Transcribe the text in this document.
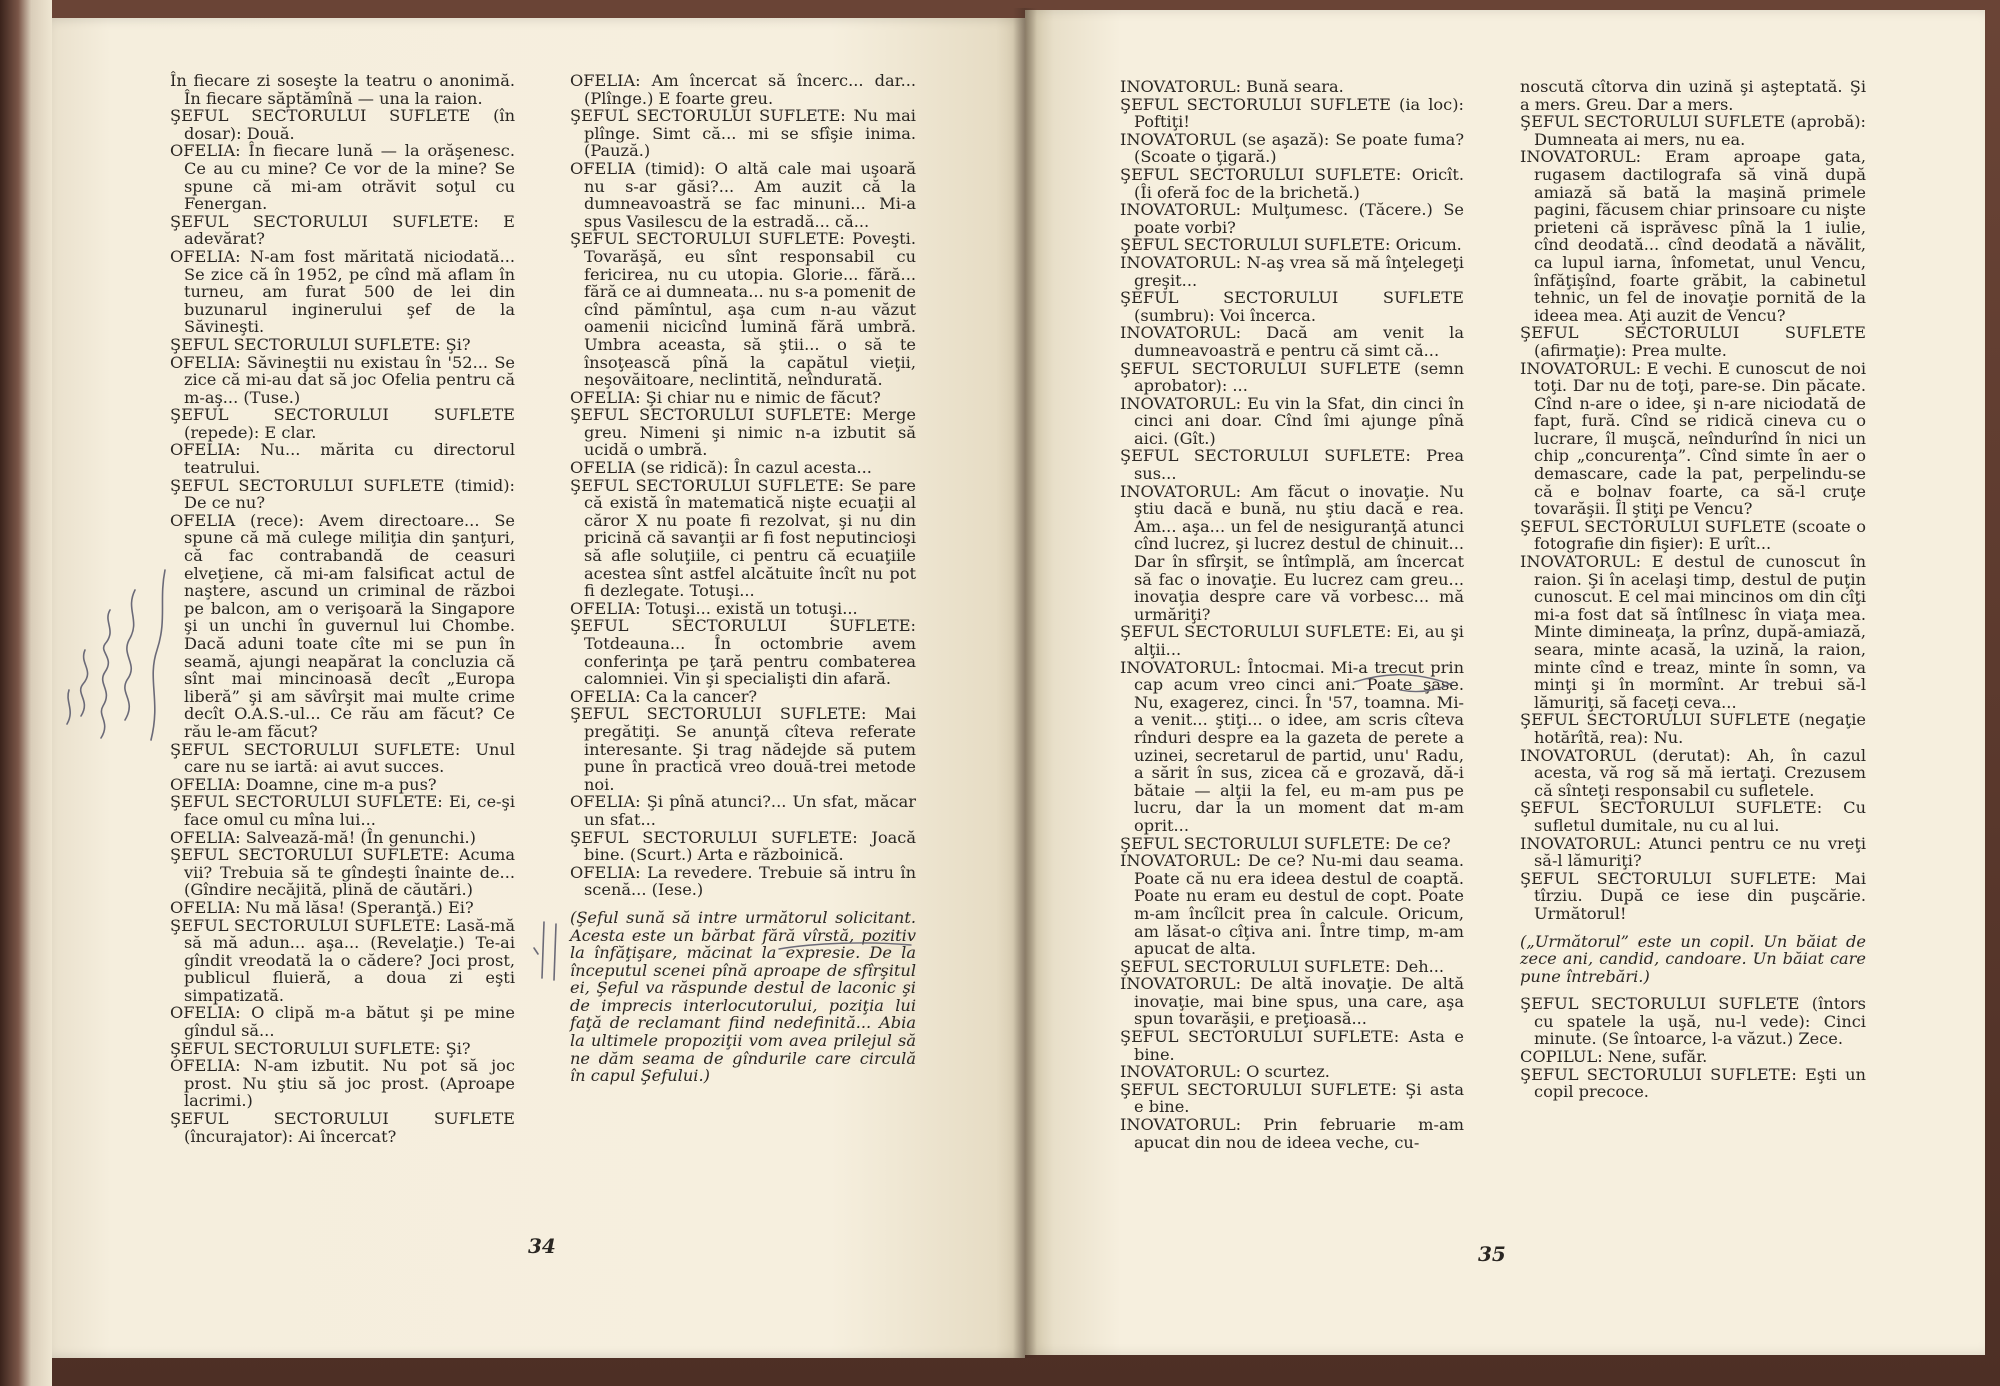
În fiecare zi soseşte la teatru o anonimă. În fiecare săptămînă — una la raion.

ŞEFUL SECTORULUI SUFLETE (în dosar): Două.

OFELIA: În fiecare lună — la orăşenesc. Ce au cu mine? Ce vor de la mine? Se spune că mi-am otrăvit soţul cu Fenergan.

ŞEFUL SECTORULUI SUFLETE: E adevărat?

OFELIA: N-am fost măritată niciodată... Se zice că în 1952, pe cînd mă aflam în turneu, am furat 500 de lei din buzunarul inginerului şef de la Săvineşti.

ŞEFUL SECTORULUI SUFLETE: Şi?

OFELIA: Săvineştii nu existau în '52... Se zice că mi-au dat să joc Ofelia pentru că m-aş... (Tuse.)

ŞEFUL SECTORULUI SUFLETE (repede): E clar.

OFELIA: Nu... mărita cu directorul teatrului.

ŞEFUL SECTORULUI SUFLETE (timid): De ce nu?

OFELIA (rece): Avem directoare... Se spune că mă culege miliţia din şanţuri, că fac contrabandă de ceasuri elveţiene, că mi-am falsificat actul de naştere, ascund un criminal de război pe balcon, am o verişoară la Singapore şi un unchi în guvernul lui Chombe. Dacă aduni toate cîte mi se pun în seamă, ajungi neapărat la concluzia că sînt mai mincinoasă decît „Europa liberă” şi am săvîrşit mai multe crime decît O.A.S.-ul... Ce rău am făcut? Ce rău le-am făcut?

ŞEFUL SECTORULUI SUFLETE: Unul care nu se iartă: ai avut succes.

OFELIA: Doamne, cine m-a pus?

ŞEFUL SECTORULUI SUFLETE: Ei, ce-şi face omul cu mîna lui...

OFELIA: Salvează-mă! (În genunchi.)

ŞEFUL SECTORULUI SUFLETE: Acuma vii? Trebuia să te gîndeşti înainte de... (Gîndire necăjită, plină de căutări.)

OFELIA: Nu mă lăsa! (Speranţă.) Ei?

ŞEFUL SECTORULUI SUFLETE: Lasă-mă să mă adun... aşa... (Revelaţie.) Te-ai gîndit vreodată la o cădere? Joci prost, publicul fluieră, a doua zi eşti simpatizată.

OFELIA: O clipă m-a bătut şi pe mine gîndul să...

ŞEFUL SECTORULUI SUFLETE: Şi?

OFELIA: N-am izbutit. Nu pot să joc prost. Nu ştiu să joc prost. (Aproape lacrimi.)

ŞEFUL SECTORULUI SUFLETE (încurajator): Ai încercat?

OFELIA: Am încercat să încerc... dar... (Plînge.) E foarte greu.

ŞEFUL SECTORULUI SUFLETE: Nu mai plînge. Simt că... mi se sfîşie inima. (Pauză.)

OFELIA (timid): O altă cale mai uşoară nu s-ar găsi?... Am auzit că la dumneavoastră se fac minuni... Mi-a spus Vasilescu de la estradă... că...

ŞEFUL SECTORULUI SUFLETE: Poveşti. Tovarăşă, eu sînt responsabil cu fericirea, nu cu utopia. Glorie... fără... fără ce ai dumneata... nu s-a pomenit de cînd pămîntul, aşa cum n-au văzut oamenii nicicînd lumină fără umbră. Umbra aceasta, să ştii... o să te însoţească pînă la capătul vieţii, neşovăitoare, neclintită, neîndurată.

OFELIA: Şi chiar nu e nimic de făcut?

ŞEFUL SECTORULUI SUFLETE: Merge greu. Nimeni şi nimic n-a izbutit să ucidă o umbră.

OFELIA (se ridică): În cazul acesta...

ŞEFUL SECTORULUI SUFLETE: Se pare că există în matematică nişte ecuaţii al căror X nu poate fi rezolvat, şi nu din pricină că savanţii ar fi fost neputincioşi să afle soluţiile, ci pentru că ecuaţiile acestea sînt astfel alcătuite încît nu pot fi dezlegate. Totuşi...

OFELIA: Totuşi... există un totuşi...

ŞEFUL SECTORULUI SUFLETE: Totdeauna... În octombrie avem conferinţa pe ţară pentru combaterea calomniei. Vin şi specialişti din afară.

OFELIA: Ca la cancer?

ŞEFUL SECTORULUI SUFLETE: Mai pregătiţi. Se anunţă cîteva referate interesante. Şi trag nădejde să putem pune în practică vreo două-trei metode noi.

OFELIA: Şi pînă atunci?... Un sfat, măcar un sfat...

ŞEFUL SECTORULUI SUFLETE: Joacă bine. (Scurt.) Arta e războinică.

OFELIA: La revedere. Trebuie să intru în scenă... (Iese.)

(Şeful sună să intre următorul solicitant. Acesta este un bărbat fără vîrstă, pozitiv la înfăţişare, măcinat la expresie. De la începutul scenei pînă aproape de sfîrşitul ei, Şeful va răspunde destul de laconic şi de imprecis interlocutorului, poziţia lui faţă de reclamant fiind nedefinită... Abia la ultimele propoziţii vom avea prilejul să ne dăm seama de gîndurile care circulă în capul Şefului.)

34

INOVATORUL: Bună seara.

ŞEFUL SECTORULUI SUFLETE (ia loc): Poftiţi!

INOVATORUL (se aşază): Se poate fuma? (Scoate o ţigară.)

ŞEFUL SECTORULUI SUFLETE: Oricît. (Îi oferă foc de la brichetă.)

INOVATORUL: Mulţumesc. (Tăcere.) Se poate vorbi?

ŞEFUL SECTORULUI SUFLETE: Oricum.

INOVATORUL: N-aş vrea să mă înţelegeţi greşit...

ŞEFUL SECTORULUI SUFLETE (sumbru): Voi încerca.

INOVATORUL: Dacă am venit la dumneavoastră e pentru că simt că...

ŞEFUL SECTORULUI SUFLETE (semn aprobator): ...

INOVATORUL: Eu vin la Sfat, din cinci în cinci ani doar. Cînd îmi ajunge pînă aici. (Gît.)

ŞEFUL SECTORULUI SUFLETE: Prea sus...

INOVATORUL: Am făcut o inovaţie. Nu ştiu dacă e bună, nu ştiu dacă e rea. Am... aşa... un fel de nesiguranţă atunci cînd lucrez, şi lucrez destul de chinuit... Dar în sfîrşit, se întîmplă, am încercat să fac o inovaţie. Eu lucrez cam greu... inovaţia despre care vă vorbesc... mă urmăriţi?

ŞEFUL SECTORULUI SUFLETE: Ei, au şi alţii...

INOVATORUL: Întocmai. Mi-a trecut prin cap acum vreo cinci ani. Poate şase. Nu, exagerez, cinci. În '57, toamna. Mi-a venit... ştiţi... o idee, am scris cîteva rînduri despre ea la gazeta de perete a uzinei, secretarul de partid, unu' Radu, a sărit în sus, zicea că e grozavă, dă-i bătaie — alţii la fel, eu m-am pus pe lucru, dar la un moment dat m-am oprit...

ŞEFUL SECTORULUI SUFLETE: De ce?

INOVATORUL: De ce? Nu-mi dau seama. Poate că nu era ideea destul de coaptă. Poate nu eram eu destul de copt. Poate m-am încîlcit prea în calcule. Oricum, am lăsat-o cîţiva ani. Între timp, m-am apucat de alta.

ŞEFUL SECTORULUI SUFLETE: Deh...

INOVATORUL: De altă inovaţie. De altă inovaţie, mai bine spus, una care, aşa spun tovarăşii, e preţioasă...

ŞEFUL SECTORULUI SUFLETE: Asta e bine.

INOVATORUL: O scurtez.

ŞEFUL SECTORULUI SUFLETE: Şi asta e bine.

INOVATORUL: Prin februarie m-am apucat din nou de ideea veche, cu-

noscută cîtorva din uzină şi aşteptată. Şi a mers. Greu. Dar a mers.

ŞEFUL SECTORULUI SUFLETE (aprobă): Dumneata ai mers, nu ea.

INOVATORUL: Eram aproape gata, rugasem dactilografa să vină după amiază să bată la maşină primele pagini, făcusem chiar prinsoare cu nişte prieteni că isprăvesc pînă la 1 iulie, cînd deodată... cînd deodată a năvălit, ca lupul iarna, înfometat, unul Vencu, înfăţişînd, foarte grăbit, la cabinetul tehnic, un fel de inovaţie pornită de la ideea mea. Aţi auzit de Vencu?

ŞEFUL SECTORULUI SUFLETE (afirmaţie): Prea multe.

INOVATORUL: E vechi. E cunoscut de noi toţi. Dar nu de toţi, pare-se. Din păcate. Cînd n-are o idee, şi n-are niciodată de fapt, fură. Cînd se ridică cineva cu o lucrare, îl muşcă, neîndurînd în nici un chip „concurenţa”. Cînd simte în aer o demascare, cade la pat, perpelindu-se că e bolnav foarte, ca să-l cruţe tovarăşii. Îl ştiţi pe Vencu?

ŞEFUL SECTORULUI SUFLETE (scoate o fotografie din fişier): E urît...

INOVATORUL: E destul de cunoscut în raion. Şi în acelaşi timp, destul de puţin cunoscut. E cel mai mincinos om din cîţi mi-a fost dat să întîlnesc în viaţa mea. Minte dimineaţa, la prînz, după-amiază, seara, minte acasă, la uzină, la raion, minte cînd e treaz, minte în somn, va minţi şi în mormînt. Ar trebui să-l lămuriţi, să faceţi ceva...

ŞEFUL SECTORULUI SUFLETE (negaţie hotărîtă, rea): Nu.

INOVATORUL (derutat): Ah, în cazul acesta, vă rog să mă iertaţi. Crezusem că sînteţi responsabil cu sufletele.

ŞEFUL SECTORULUI SUFLETE: Cu sufletul dumitale, nu cu al lui.

INOVATORUL: Atunci pentru ce nu vreţi să-l lămuriţi?

ŞEFUL SECTORULUI SUFLETE: Mai tîrziu. După ce iese din puşcărie. Următorul!

(„Următorul” este un copil. Un băiat de zece ani, candid, candoare. Un băiat care pune întrebări.)

ŞEFUL SECTORULUI SUFLETE (întors cu spatele la uşă, nu-l vede): Cinci minute. (Se întoarce, l-a văzut.) Zece.

COPILUL: Nene, sufăr.

ŞEFUL SECTORULUI SUFLETE: Eşti un copil precoce.

35
